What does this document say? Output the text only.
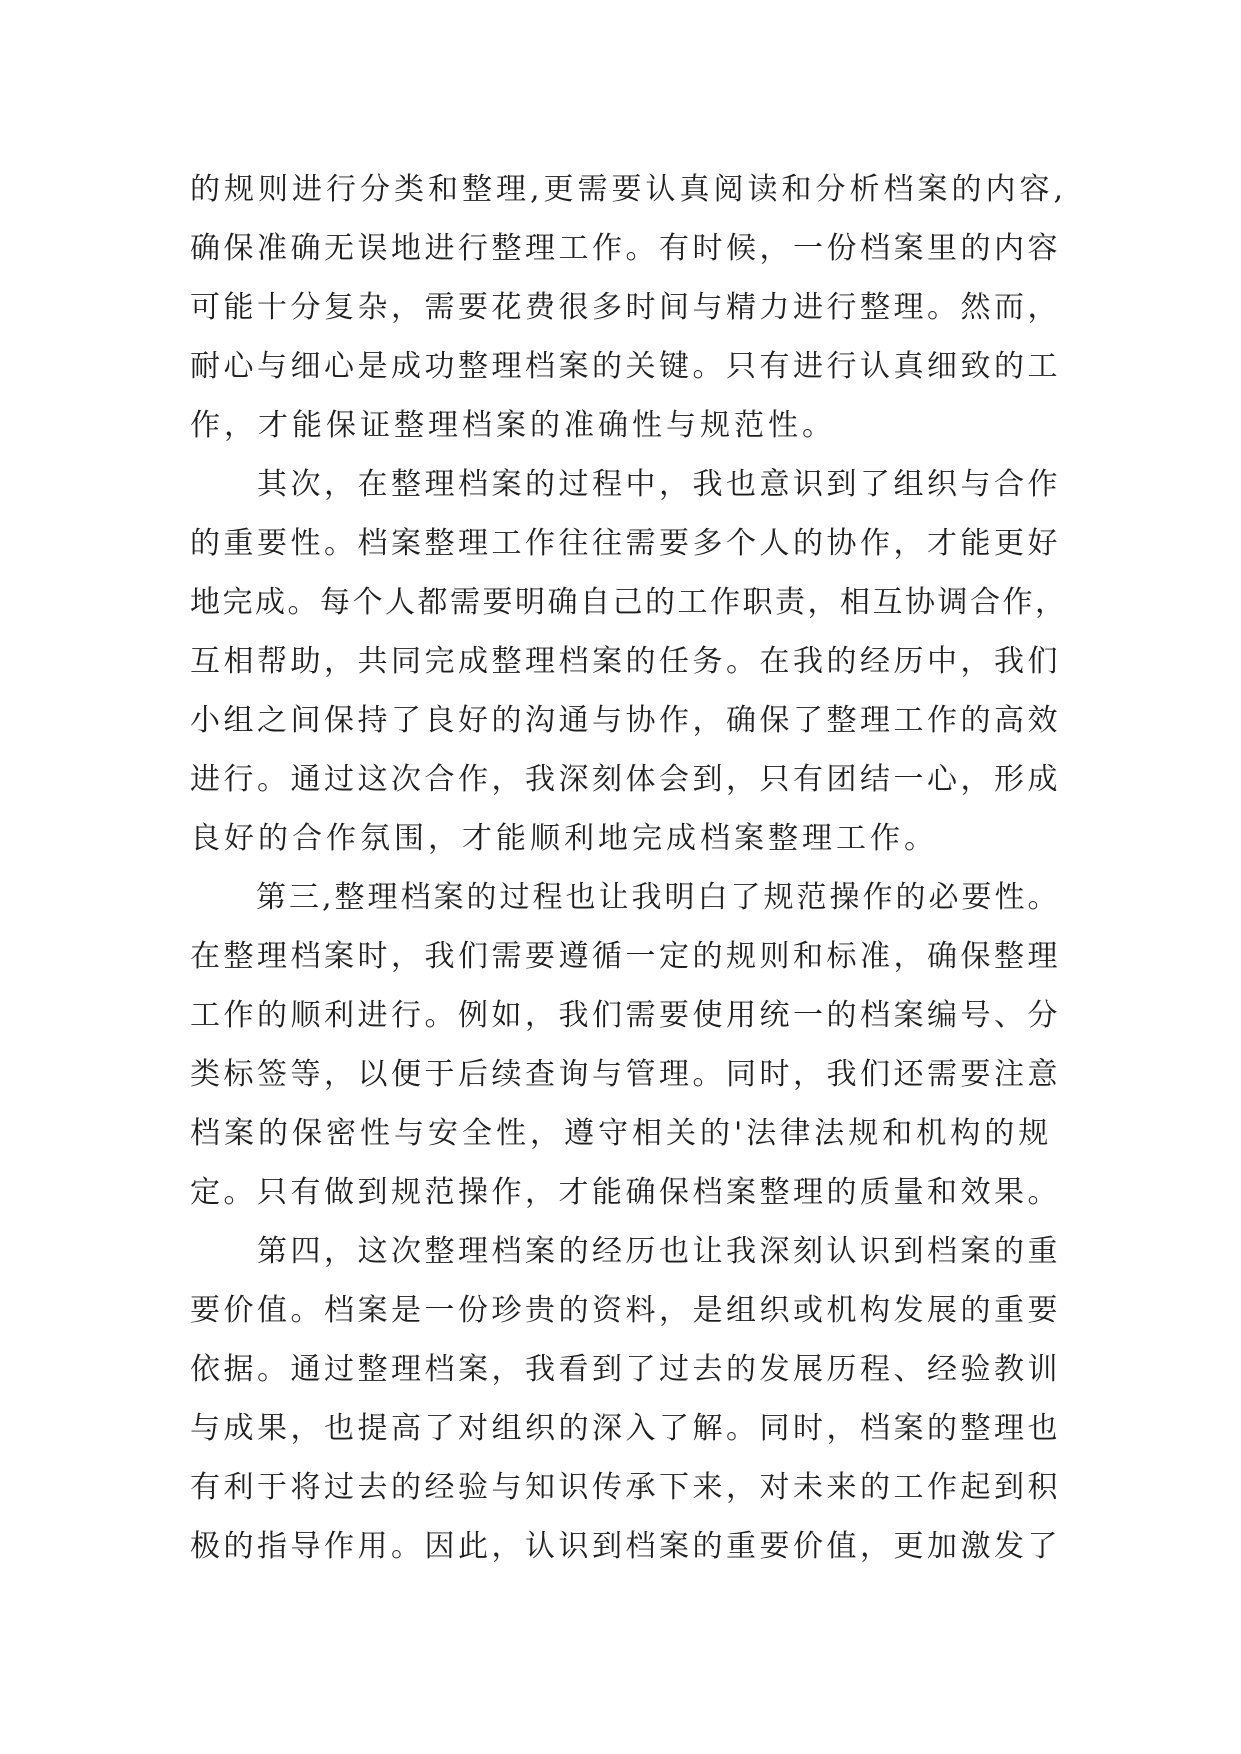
的规则进行分类和整理,更需要认真阅读和分析档案的内容,
确保准确无误地进行整理工作。有时候，一份档案里的内容
可能十分复杂，需要花费很多时间与精力进行整理。然而，
耐心与细心是成功整理档案的关键。只有进行认真细致的工
作，才能保证整理档案的准确性与规范性。
　　其次，在整理档案的过程中，我也意识到了组织与合作
的重要性。档案整理工作往往需要多个人的协作，才能更好
地完成。每个人都需要明确自己的工作职责，相互协调合作，
互相帮助，共同完成整理档案的任务。在我的经历中，我们
小组之间保持了良好的沟通与协作，确保了整理工作的高效
进行。通过这次合作，我深刻体会到，只有团结一心，形成
良好的合作氛围，才能顺利地完成档案整理工作。
　　第三,整理档案的过程也让我明白了规范操作的必要性。
在整理档案时，我们需要遵循一定的规则和标准，确保整理
工作的顺利进行。例如，我们需要使用统一的档案编号、分
类标签等，以便于后续查询与管理。同时，我们还需要注意
档案的保密性与安全性，遵守相关的'法律法规和机构的规
定。只有做到规范操作，才能确保档案整理的质量和效果。
　　第四，这次整理档案的经历也让我深刻认识到档案的重
要价值。档案是一份珍贵的资料，是组织或机构发展的重要
依据。通过整理档案，我看到了过去的发展历程、经验教训
与成果，也提高了对组织的深入了解。同时，档案的整理也
有利于将过去的经验与知识传承下来，对未来的工作起到积
极的指导作用。因此，认识到档案的重要价值，更加激发了
